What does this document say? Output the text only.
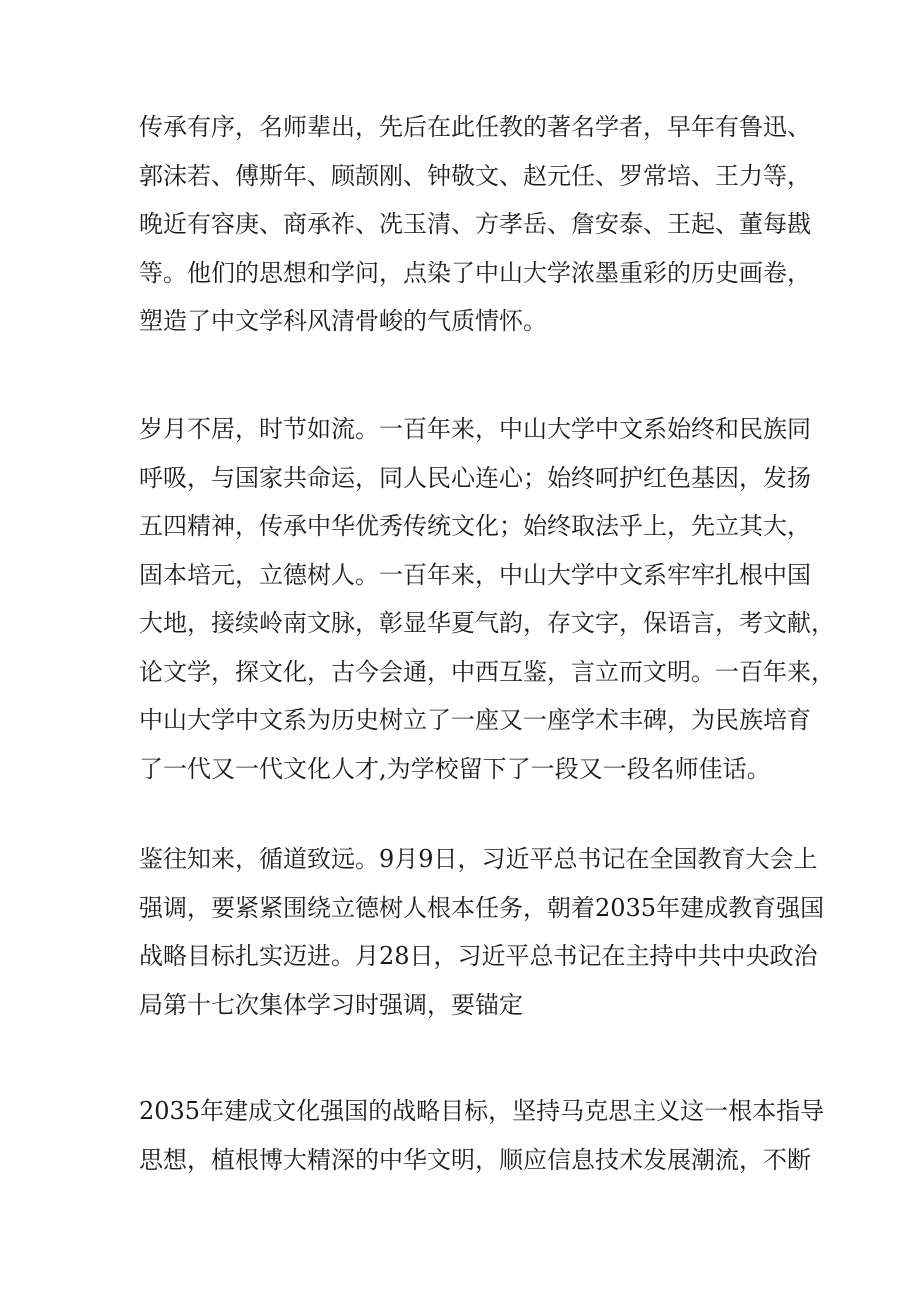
传承有序，名师辈出，先后在此任教的著名学者，早年有鲁迅、
郭沫若、傅斯年、顾颉刚、钟敬文、赵元任、罗常培、王力等，
晚近有容庚、商承祚、冼玉清、方孝岳、詹安泰、王起、董每戡
等。他们的思想和学问，点染了中山大学浓墨重彩的历史画卷，
塑造了中文学科风清骨峻的气质情怀。
岁月不居，时节如流。一百年来，中山大学中文系始终和民族同
呼吸，与国家共命运，同人民心连心；始终呵护红色基因，发扬
五四精神，传承中华优秀传统文化；始终取法乎上，先立其大，
固本培元，立德树人。一百年来，中山大学中文系牢牢扎根中国
大地，接续岭南文脉，彰显华夏气韵，存文字，保语言，考文献，
论文学，探文化，古今会通，中西互鉴，言立而文明。一百年来，
中山大学中文系为历史树立了一座又一座学术丰碑，为民族培育
了一代又一代文化人才,为学校留下了一段又一段名师佳话。
鉴往知来，循道致远。9月9日，习近平总书记在全国教育大会上
强调，要紧紧围绕立德树人根本任务，朝着2035年建成教育强国
战略目标扎实迈进。月28日，习近平总书记在主持中共中央政治
局第十七次集体学习时强调，要锚定
2035年建成文化强国的战略目标，坚持马克思主义这一根本指导
思想，植根博大精深的中华文明，顺应信息技术发展潮流，不断
